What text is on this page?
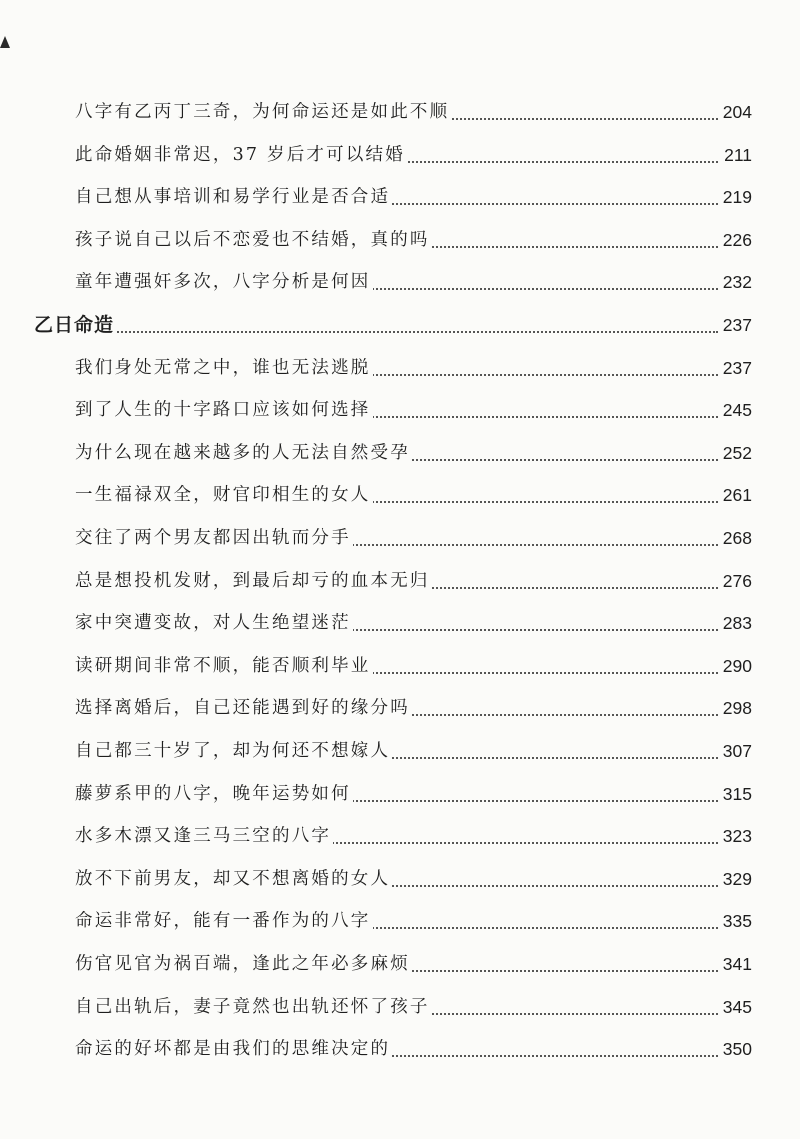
八字有乙丙丁三奇，为何命运还是如此不顺	204
此命婚姻非常迟，37 岁后才可以结婚	211
自己想从事培训和易学行业是否合适	219
孩子说自己以后不恋爱也不结婚，真的吗	226
童年遭强奸多次，八字分析是何因	232
乙日命造	237
我们身处无常之中，谁也无法逃脱	237
到了人生的十字路口应该如何选择	245
为什么现在越来越多的人无法自然受孕	252
一生福禄双全，财官印相生的女人	261
交往了两个男友都因出轨而分手	268
总是想投机发财，到最后却亏的血本无归	276
家中突遭变故，对人生绝望迷茫	283
读研期间非常不顺，能否顺利毕业	290
选择离婚后，自己还能遇到好的缘分吗	298
自己都三十岁了，却为何还不想嫁人	307
藤萝系甲的八字，晚年运势如何	315
水多木漂又逢三马三空的八字	323
放不下前男友，却又不想离婚的女人	329
命运非常好，能有一番作为的八字	335
伤官见官为祸百端，逢此之年必多麻烦	341
自己出轨后，妻子竟然也出轨还怀了孩子	345
命运的好坏都是由我们的思维决定的	350
